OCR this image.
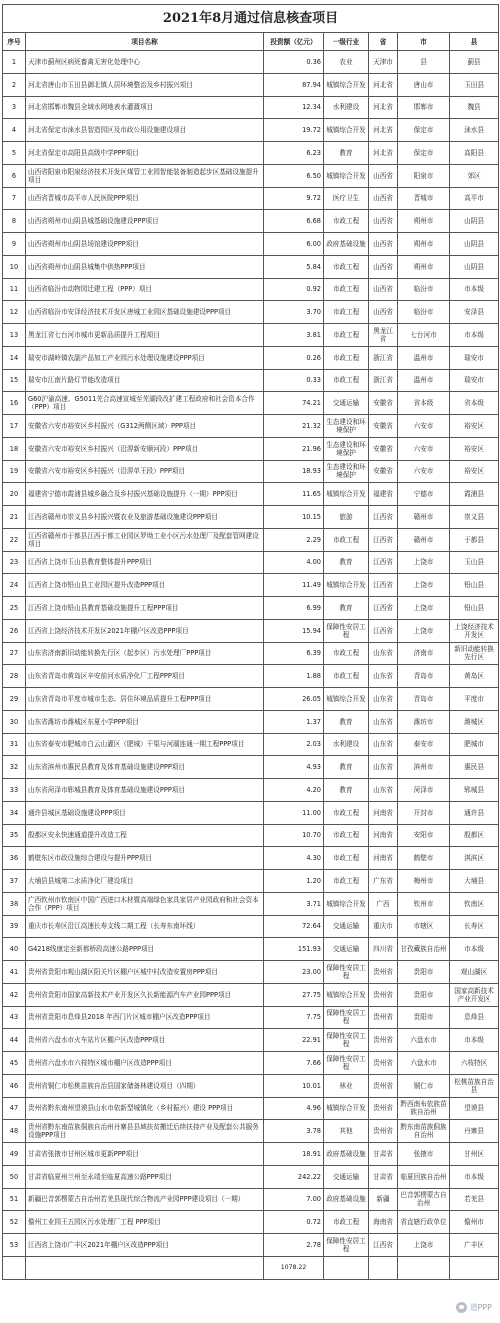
2021年8月通过信息核查项目						
序号	项目名称	投资额（亿元）	一级行业	省	市	县
1	天津市蓟州区病死畜禽无害化处理中心	0.36	农业	天津市	县	蓟县
2	河北省唐山市玉田县御北镇人居环境整治及乡村振兴项目	87.94	城镇综合开发	河北省	唐山市	玉田县
3	河北省邯郸市魏县全域水网地表水灌溉项目	12.34	水利建设	河北省	邯郸市	魏县
4	河北省保定市涞水县智造园区及市政公用设施建设项目	19.72	城镇综合开发	河北省	保定市	涞水县
5	河北省保定市高阳县高级中学PPP项目	6.23	教育	河北省	保定市	高阳县
6	山西省阳泉市阳泉经济技术开发区煤管工业园智能装备制造起步区基础设施提升项目	6.50	城镇综合开发	山西省	阳泉市	郊区
7	山西省晋城市高平市人民医院PPP项目	9.72	医疗卫生	山西省	晋城市	高平市
8	山西省朔州市山阴县城基础设施建设PPP项目	6.68	市政工程	山西省	朔州市	山阴县
9	山西省朔州市山阴县场馆建设PPP项目	6.00	政府基础设施	山西省	朔州市	山阴县
10	山西省朔州市山阴县城集中供热PPP项目	5.84	市政工程	山西省	朔州市	山阴县
11	山西省临汾市动物园迁建工程（PPP）项目	0.92	市政工程	山西省	临汾市	市本级
12	山西省临汾市安泽经济技术开发区唐城工业园区基础设施建设PPP项目	3.70	市政工程	山西省	临汾市	安泽县
13	黑龙江省七台河市城市更新品质提升工程项目	3.81	市政工程	黑龙江省	七台河市	市本级
14	瑞安市湖岭镇农副产品加工产业园污水处理设施建设PPP项目	0.26	市政工程	浙江省	温州市	瑞安市
15	瑞安市江南片路灯节能改造项目	0.33	市政工程	浙江省	温州市	瑞安市
16	G60沪渝高速、G5011芜合高速宣城至芜湖段改扩建工程政府和社会资本合作（PPP）项目	74.21	交通运输	安徽省	省本级	省本级
17	安徽省六安市裕安区乡村振兴（G312两侧区域）PPP项目	21.32	生态建设和环境保护	安徽省	六安市	裕安区
18	安徽省六安市裕安区乡村振兴（沿淠新安顺河段）PPP项目	21.96	生态建设和环境保护	安徽省	六安市	裕安区
19	安徽省六安市裕安区乡村振兴（沿淠单王段）PPP项目	18.93	生态建设和环境保护	安徽省	六安市	裕安区
20	福建省宁德市霞浦县城乡融合及乡村振兴基础设施提升（一期）PPP项目	11.65	城镇综合开发	福建省	宁德市	霞浦县
21	江西省赣州市崇义县乡村振兴暨农业及旅游基础设施建设PPP项目	10.15	旅游	江西省	赣州市	崇义县
22	江西省赣州市于都县江西于都工业园区罗坳工业小区污水处理厂及配套管网建设项目	2.29	市政工程	江西省	赣州市	于都县
23	江西省上饶市玉山县教育整体提升PPP项目	4.00	教育	江西省	上饶市	玉山县
24	江西省上饶市铅山县工业园区提升改造PPP项目	11.49	城镇综合开发	江西省	上饶市	铅山县
25	江西省上饶市铅山县教育基础设施提升工程PPP项目	6.99	教育	江西省	上饶市	铅山县
26	江西省上饶经济技术开发区2021年棚户区改造PPP项目	15.94	保障性安居工程	江西省	上饶市	上饶经济技术开发区
27	山东省济南新旧动能转换先行区（起步区）污水处理厂PPP项目	6.39	市政工程	山东省	济南市	新旧动能转换先行区
28	山东省青岛市黄岛区辛安前河水质净化厂工程PPP项目	1.88	市政工程	山东省	青岛市	黄岛区
29	山东省青岛市平度市城市生态、居住环境品质提升工程PPP项目	26.05	城镇综合开发	山东省	青岛市	平度市
30	山东省潍坊市潍城区东夏小学PPP项目	1.37	教育	山东省	潍坊市	潍城区
31	山东省泰安市肥城市白云山灌区（肥城）干渠与河湖连通一期工程PPP项目	2.03	水利建设	山东省	泰安市	肥城市
32	山东省滨州市惠民县教育及体育基础设施建设PPP项目	4.93	教育	山东省	滨州市	惠民县
33	山东省菏泽市郓城县教育及体育基础设施建设PPP项目	4.20	教育	山东省	菏泽市	郓城县
34	通许县城区基础设施建设PPP项目	11.00	市政工程	河南省	开封市	通许县
35	殷都区安永快速通道提升改造工程	10.70	市政工程	河南省	安阳市	殷都区
36	鹤壁东区市政设施综合建设与提升PPP项目	4.30	市政工程	河南省	鹤壁市	淇滨区
37	大埔县县城第二水质净化厂建设项目	1.20	市政工程	广东省	梅州市	大埔县
38	广西钦州市钦南区中国广西进口木材暨高端绿色家具家居产业园政府和社会资本合作（PPP）项目	3.71	城镇综合开发	广西	钦州市	钦南区
39	重庆市长寿区沿江高速长寿支线二期工程（长寿东南环线）	72.64	交通运输	重庆市	市辖区	长寿区
40	G4218线康定至新都桥段高速公路PPP项目	151.93	交通运输	四川省	甘孜藏族自治州	市本级
41	贵州省贵阳市观山湖区阳关片区棚户区城中村改造安置房PPP项目	23.00	保障性安居工程	贵州省	贵阳市	观山湖区
42	贵州省贵阳市国家高新技术产业开发区久长新能源汽车产业园PPP项目	27.75	城镇综合开发	贵州省	贵阳市	国家高新技术产业开发区
43	贵州省贵阳市息烽县2018 年西门片区城市棚户区改造PPP项目	7.75	保障性安居工程	贵州省	贵阳市	息烽县
44	贵州省六盘水市火车站片区棚户区改造PPP项目	22.91	保障性安居工程	贵州省	六盘水市	市本级
45	贵州省六盘水市六枝特区城市棚户区改造PPP项目	7.66	保障性安居工程	贵州省	六盘水市	六枝特区
46	贵州省铜仁市松桃苗族自治县国家储备林建设项目（四期）	10.01	林业	贵州省	铜仁市	松桃苗族自治县
47	贵州省黔东南州望谟县山水市依新型城镇化（乡村振兴）建设 PPP项目	4.96	城镇综合开发	贵州省	黔西南布依族苗族自治州	望谟县
48	贵州省黔东南苗族侗族自治州丹寨县县域扶贫搬迁后续扶持产业及配套公共服务设施PPP项目	3.78	其他	贵州省	黔东南苗族侗族自治州	丹寨县
49	甘肃省张掖市甘州区城市更新PPP项目	18.91	政府基础设施	甘肃省	张掖市	甘州区
50	甘肃省临夏州兰州至永靖至临夏高速公路PPP项目	242.22	交通运输	甘肃省	临夏回族自治州	市本级
51	新疆巴音郭楞蒙古自治州若羌县现代综合物流产业园PPP建设项目（一期）	7.00	政府基础设施	新疆	巴音郭楞蒙古自治州	若羌县
52	儋州工业园王五园区污水处理厂工程 PPP项目	0.72	市政工程	海南省	省直辖行政单位	儋州市
53	江西省上饶市广丰区2021年棚户区改造PPP项目	2.78	保障性安居工程	江西省	上饶市	广丰区
		1078.22				
道PPP
